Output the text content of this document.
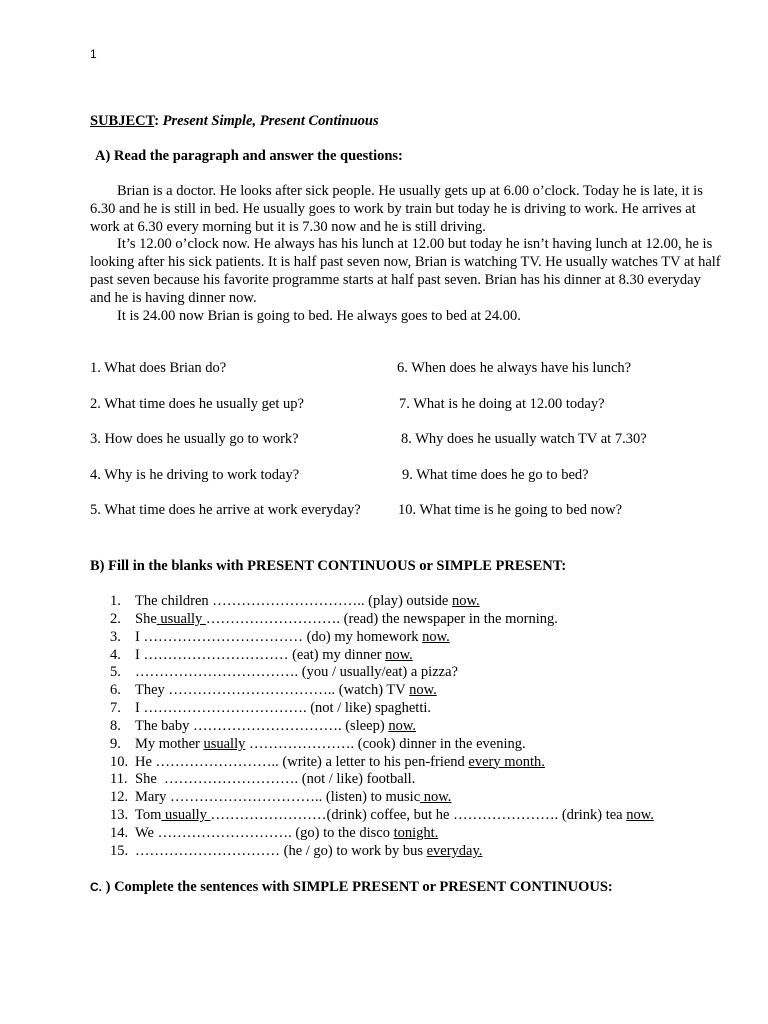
1
SUBJECT: Present Simple, Present Continuous
A) Read the paragraph and answer the questions:

Brian is a doctor. He looks after sick people. He usually gets up at 6.00 o’clock. Today he is late, it is 6.30 and he is still in bed. He usually goes to work by train but today he is driving to work. He arrives at work at 6.30 every morning but it is 7.30 now and he is still driving.

It’s 12.00 o’clock now. He always has his lunch at 12.00 but today he isn’t having lunch at 12.00, he is looking after his sick patients. It is half past seven now, Brian is watching TV. He usually watches TV at half past seven because his favorite programme starts at half past seven. Brian has his dinner at 8.30 everyday and he is having dinner now.

It is 24.00 now Brian is going to bed. He always goes to bed at 24.00.

1. What does Brian do?	6. When does he always have his lunch?
2. What time does he usually get up?	7. What is he doing at 12.00 today?
3. How does he usually go to work?	8. Why does he usually watch TV at 7.30?
4. Why is he driving to work today?	9. What time does he go to bed?
5. What time does he arrive at work everyday?	10. What time is he going to bed now?
B) Fill in the blanks with PRESENT CONTINUOUS or SIMPLE PRESENT:
1. The children ………………………….. (play) outside now.
2. She usually ………………………. (read) the newspaper in the morning.
3. I …………………………… (do) my homework now.
4. I ………………………… (eat) my dinner now.
5. ……………………………. (you / usually/eat) a pizza?
6. They …………………………….. (watch) TV now.
7. I ……………………………. (not / like) spaghetti.
8. The baby …………………………. (sleep) now.
9. My mother usually …………………. (cook) dinner in the evening.
10. He …………………….. (write) a letter to his pen-friend every month.
11. She  ………………………. (not / like) football.
12. Mary ………………………….. (listen) to music now.
13. Tom usually ……………………(drink) coffee, but he …………………. (drink) tea now.
14. We ………………………. (go) to the disco tonight.
15. ………………………… (he / go) to work by bus everyday.
C. ) Complete the sentences with SIMPLE PRESENT or PRESENT CONTINUOUS:
